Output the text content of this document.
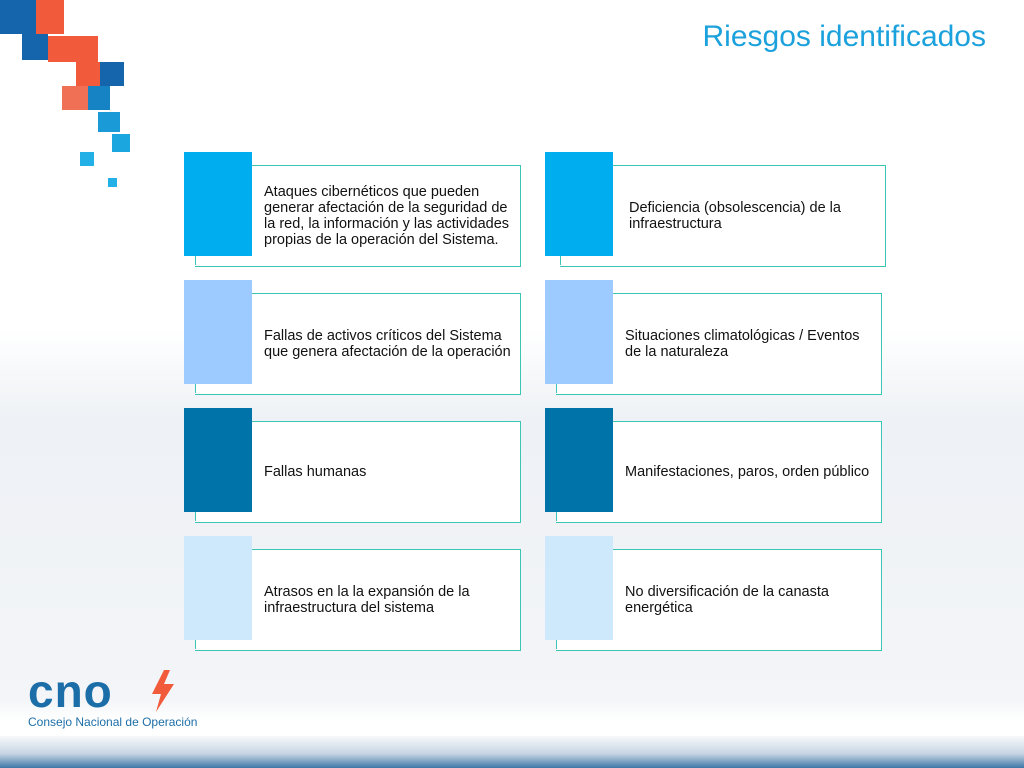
Riesgos identificados
Ataques cibernéticos que pueden generar afectación de la seguridad de la red, la información y las actividades propias de la operación del Sistema.
Deficiencia (obsolescencia) de la infraestructura
Fallas de activos críticos del Sistema que genera afectación de la operación
Situaciones climatológicas / Eventos de la naturaleza
Fallas humanas	Manifestaciones, paros, orden público
Atrasos en la la expansión de la infraestructura del sistema
No diversificación de la canasta energética
cno
Consejo Nacional de Operación
